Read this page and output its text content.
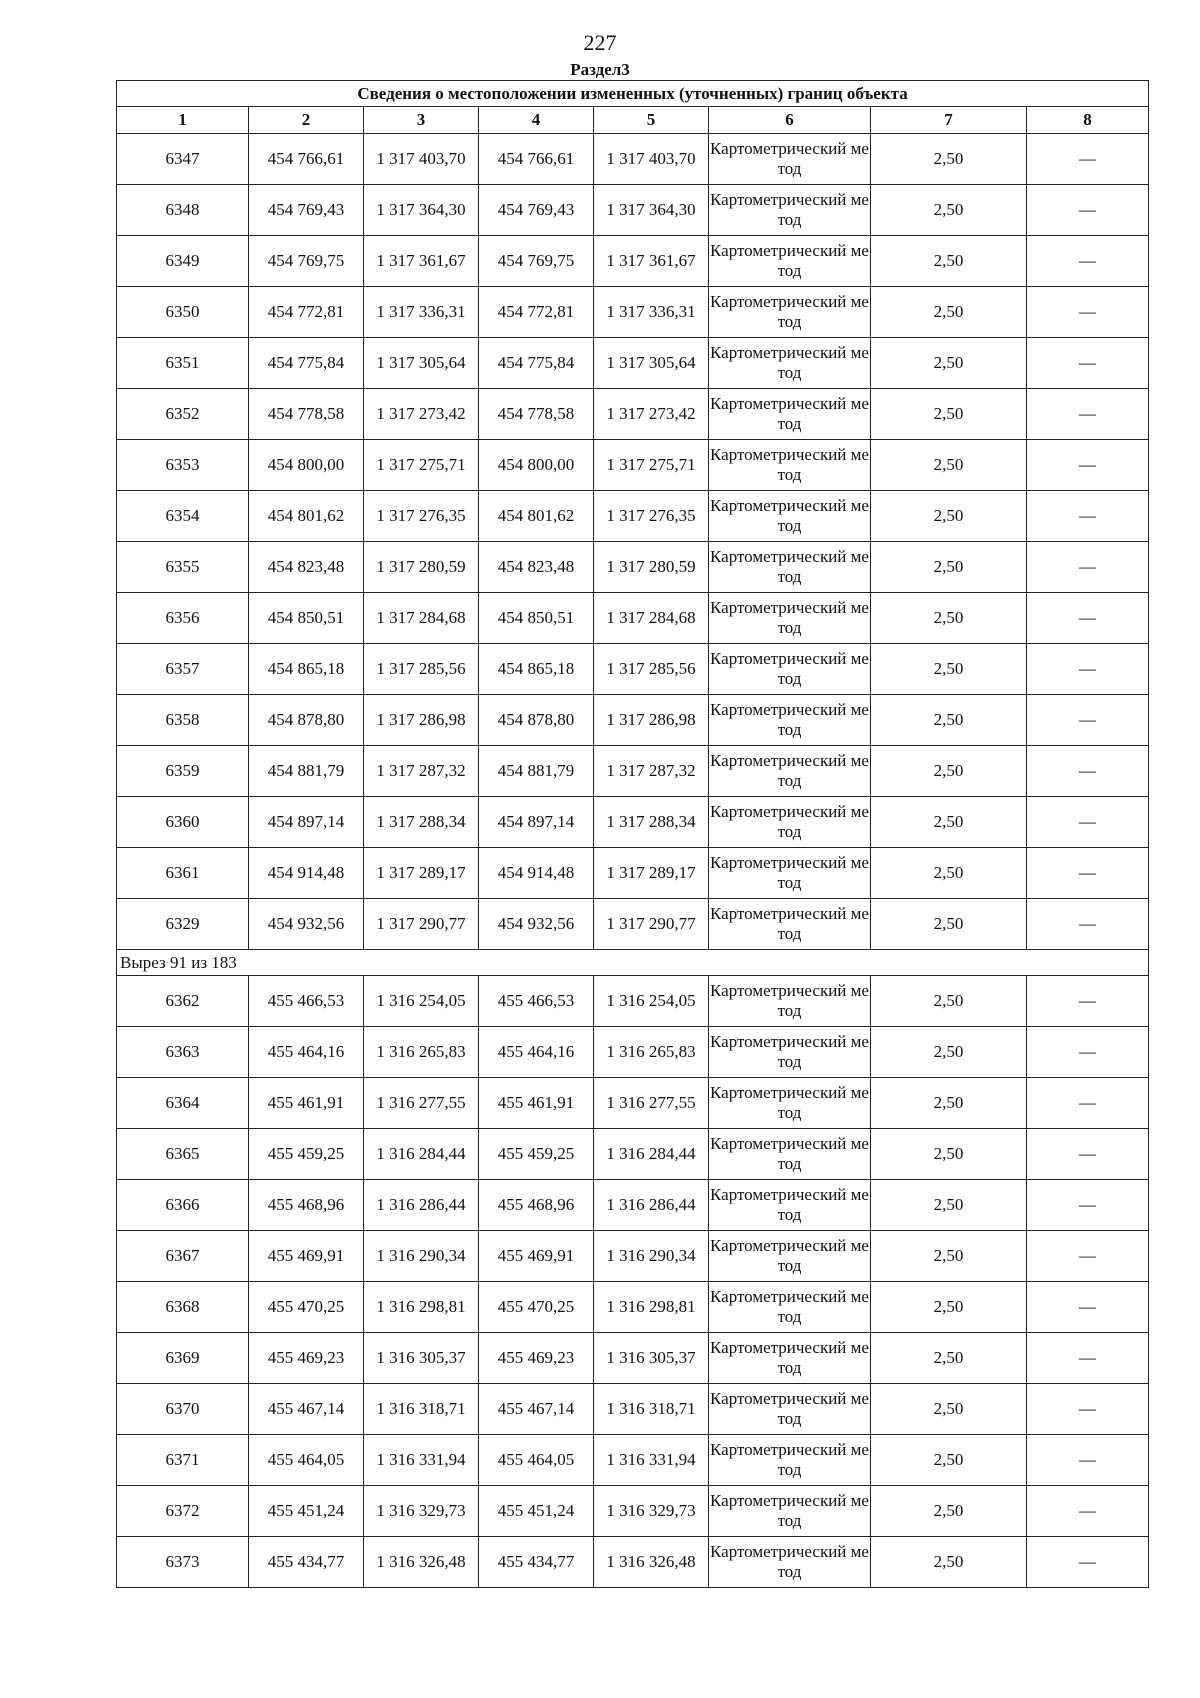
227
Раздел3
Сведения о местоположении измененных (уточненных) границ объекта							
1	2	3	4	5	6	7	8
6347	454 766,61	1 317 403,70	454 766,61	1 317 403,70	Картометрический метод	2,50	—
6348	454 769,43	1 317 364,30	454 769,43	1 317 364,30	Картометрический метод	2,50	—
6349	454 769,75	1 317 361,67	454 769,75	1 317 361,67	Картометрический метод	2,50	—
6350	454 772,81	1 317 336,31	454 772,81	1 317 336,31	Картометрический метод	2,50	—
6351	454 775,84	1 317 305,64	454 775,84	1 317 305,64	Картометрический метод	2,50	—
6352	454 778,58	1 317 273,42	454 778,58	1 317 273,42	Картометрический метод	2,50	—
6353	454 800,00	1 317 275,71	454 800,00	1 317 275,71	Картометрический метод	2,50	—
6354	454 801,62	1 317 276,35	454 801,62	1 317 276,35	Картометрический метод	2,50	—
6355	454 823,48	1 317 280,59	454 823,48	1 317 280,59	Картометрический метод	2,50	—
6356	454 850,51	1 317 284,68	454 850,51	1 317 284,68	Картометрический метод	2,50	—
6357	454 865,18	1 317 285,56	454 865,18	1 317 285,56	Картометрический метод	2,50	—
6358	454 878,80	1 317 286,98	454 878,80	1 317 286,98	Картометрический метод	2,50	—
6359	454 881,79	1 317 287,32	454 881,79	1 317 287,32	Картометрический метод	2,50	—
6360	454 897,14	1 317 288,34	454 897,14	1 317 288,34	Картометрический метод	2,50	—
6361	454 914,48	1 317 289,17	454 914,48	1 317 289,17	Картометрический метод	2,50	—
6329	454 932,56	1 317 290,77	454 932,56	1 317 290,77	Картометрический метод	2,50	—
Вырез 91 из 183							
6362	455 466,53	1 316 254,05	455 466,53	1 316 254,05	Картометрический метод	2,50	—
6363	455 464,16	1 316 265,83	455 464,16	1 316 265,83	Картометрический метод	2,50	—
6364	455 461,91	1 316 277,55	455 461,91	1 316 277,55	Картометрический метод	2,50	—
6365	455 459,25	1 316 284,44	455 459,25	1 316 284,44	Картометрический метод	2,50	—
6366	455 468,96	1 316 286,44	455 468,96	1 316 286,44	Картометрический метод	2,50	—
6367	455 469,91	1 316 290,34	455 469,91	1 316 290,34	Картометрический метод	2,50	—
6368	455 470,25	1 316 298,81	455 470,25	1 316 298,81	Картометрический метод	2,50	—
6369	455 469,23	1 316 305,37	455 469,23	1 316 305,37	Картометрический метод	2,50	—
6370	455 467,14	1 316 318,71	455 467,14	1 316 318,71	Картометрический метод	2,50	—
6371	455 464,05	1 316 331,94	455 464,05	1 316 331,94	Картометрический метод	2,50	—
6372	455 451,24	1 316 329,73	455 451,24	1 316 329,73	Картометрический метод	2,50	—
6373	455 434,77	1 316 326,48	455 434,77	1 316 326,48	Картометрический метод	2,50	—
